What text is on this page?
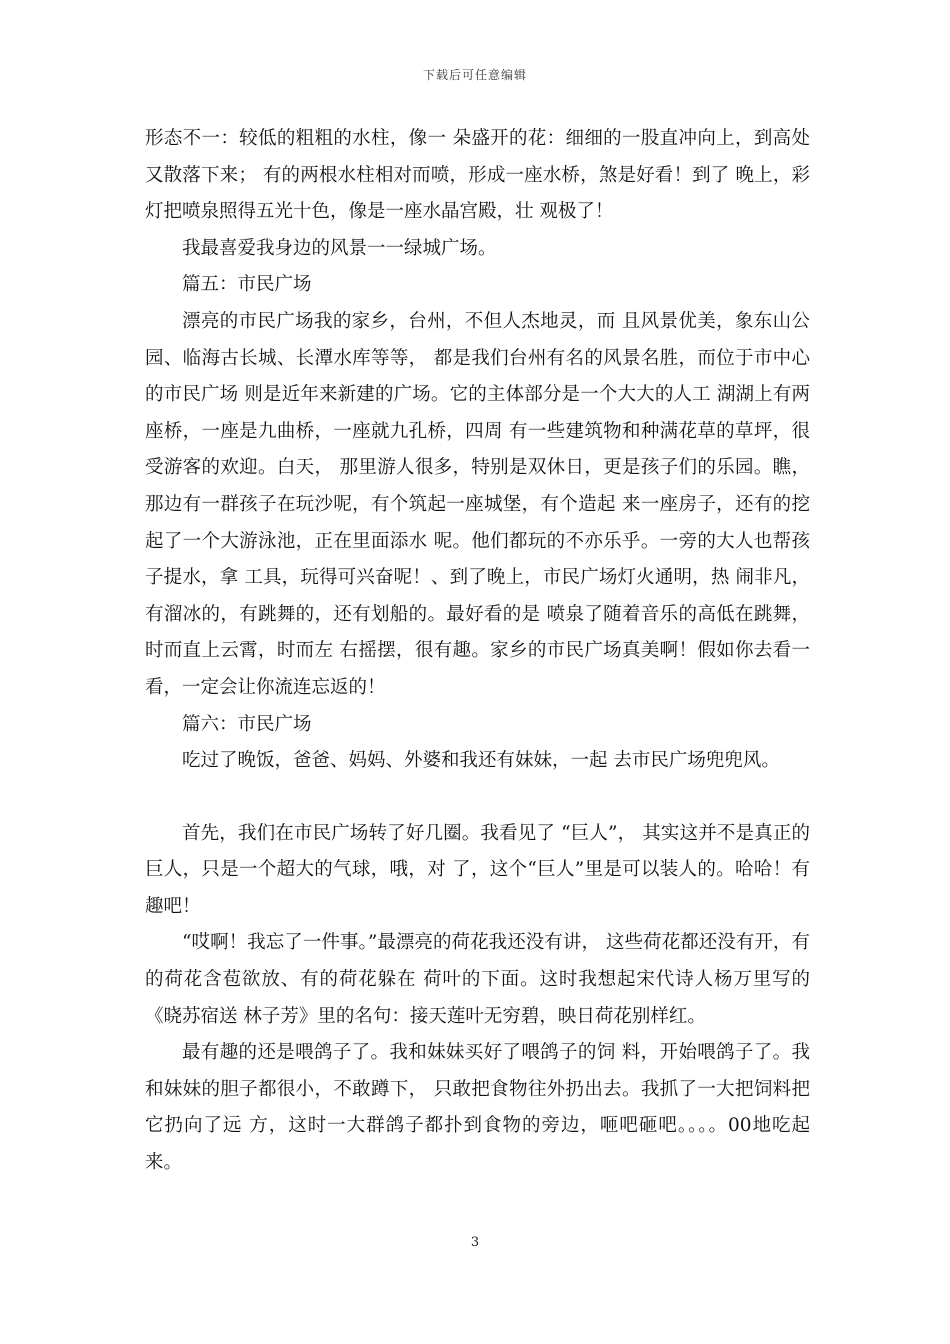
下载后可任意编辑

形态不一：较低的粗粗的水柱，像一 朵盛开的花：细细的一股直冲向上，到高处又散落下来； 有的两根水柱相对而喷，形成一座水桥，煞是好看！到了 晚上，彩灯把喷泉照得五光十色，像是一座水晶宫殿，壮 观极了！

我最喜爱我身边的风景一一绿城广场。

篇五：市民广场

漂亮的市民广场我的家乡，台州，不但人杰地灵，而 且风景优美，象东山公园、临海古长城、长潭水库等等， 都是我们台州有名的风景名胜，而位于市中心的市民广场 则是近年来新建的广场。它的主体部分是一个大大的人工 湖湖上有两座桥，一座是九曲桥，一座就九孔桥，四周 有一些建筑物和种满花草的草坪，很受游客的欢迎。白天， 那里游人很多，特别是双休日，更是孩子们的乐园。瞧， 那边有一群孩子在玩沙呢，有个筑起一座城堡，有个造起 来一座房子，还有的挖起了一个大游泳池，正在里面添水 呢。他们都玩的不亦乐乎。一旁的大人也帮孩子提水，拿 工具，玩得可兴奋呢！、到了晚上，市民广场灯火通明，热 闹非凡，有溜冰的，有跳舞的，还有划船的。最好看的是 喷泉了随着音乐的高低在跳舞，时而直上云霄，时而左 右摇摆，很有趣。家乡的市民广场真美啊！假如你去看一 看，一定会让你流连忘返的！

篇六：市民广场

吃过了晚饭，爸爸、妈妈、外婆和我还有妹妹，一起 去市民广场兜兜风。

首先，我们在市民广场转了好几圈。我看见了 “巨人”， 其实这并不是真正的巨人，只是一个超大的气球，哦，对 了，这个“巨人”里是可以装人的。哈哈！有趣吧！

“哎啊！我忘了一件事。”最漂亮的荷花我还没有讲， 这些荷花都还没有开，有的荷花含苞欲放、有的荷花躲在 荷叶的下面。这时我想起宋代诗人杨万里写的《晓苏宿送 林子芳》里的名句：接天莲叶无穷碧，映日荷花别样红。

最有趣的还是喂鸽子了。我和妹妹买好了喂鸽子的饲 料，开始喂鸽子了。我和妹妹的胆子都很小，不敢蹲下， 只敢把食物往外扔出去。我抓了一大把饲料把它扔向了远 方，这时一大群鸽子都扑到食物的旁边，咂吧砸吧。。。。00地吃起来。

3
